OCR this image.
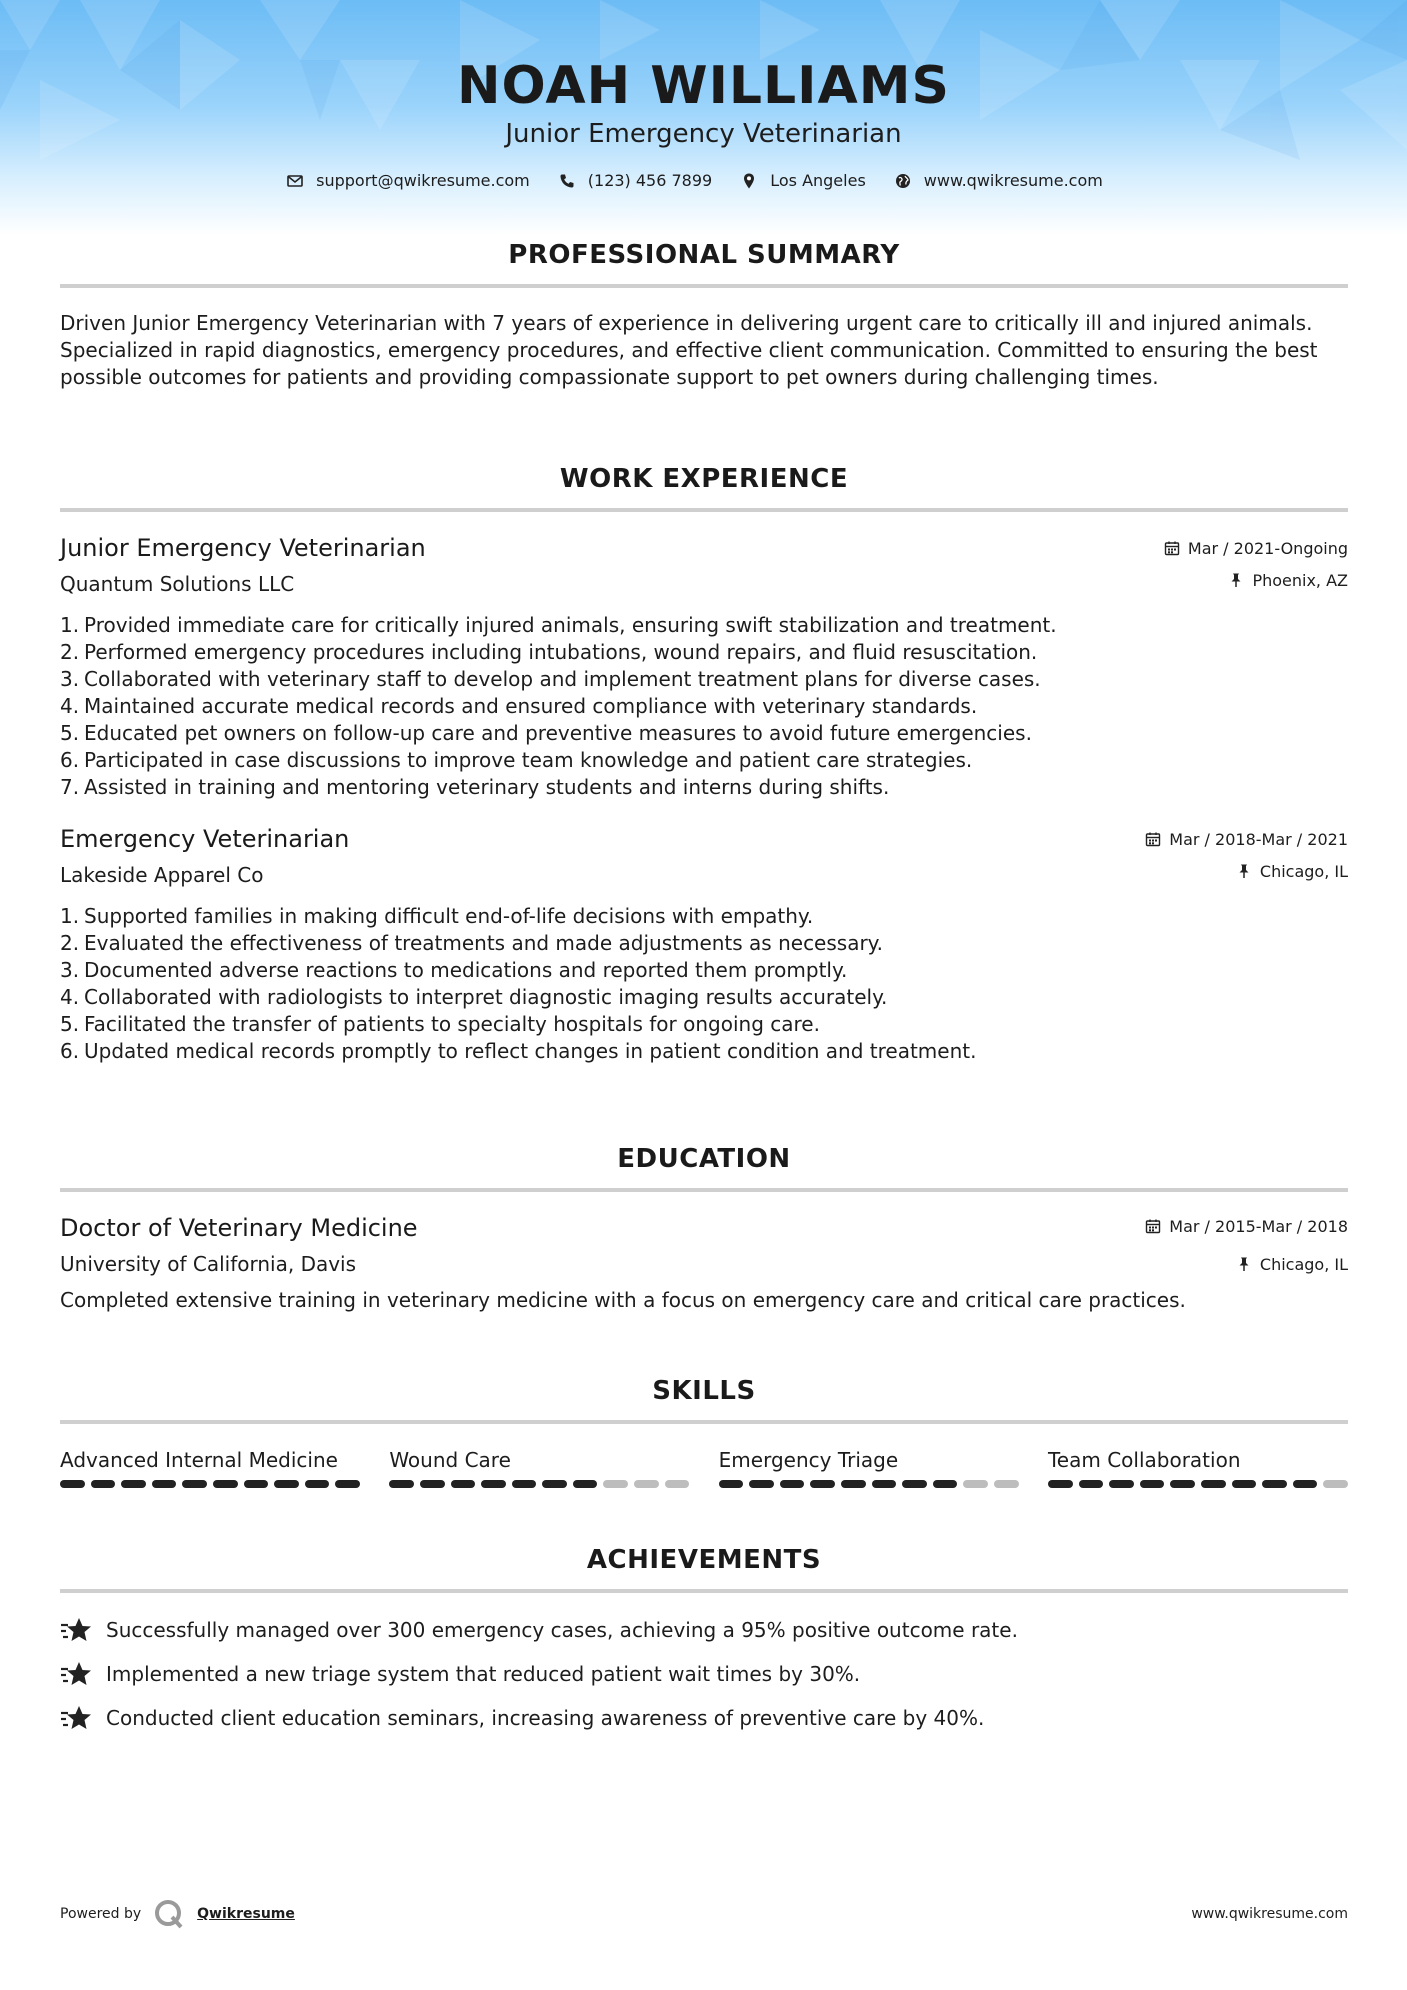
NOAH WILLIAMS
Junior Emergency Veterinarian
support@qwikresume.com	(123) 456 7899	Los Angeles	www.qwikresume.com
PROFESSIONAL SUMMARY
Driven Junior Emergency Veterinarian with 7 years of experience in delivering urgent care to critically ill and injured animals. Specialized in rapid diagnostics, emergency procedures, and effective client communication. Committed to ensuring the best possible outcomes for patients and providing compassionate support to pet owners during challenging times.
WORK EXPERIENCE
Junior Emergency Veterinarian
Quantum Solutions LLC
Mar / 2021-Ongoing
Phoenix, AZ
1. Provided immediate care for critically injured animals, ensuring swift stabilization and treatment.
2. Performed emergency procedures including intubations, wound repairs, and fluid resuscitation.
3. Collaborated with veterinary staff to develop and implement treatment plans for diverse cases.
4. Maintained accurate medical records and ensured compliance with veterinary standards.
5. Educated pet owners on follow-up care and preventive measures to avoid future emergencies.
6. Participated in case discussions to improve team knowledge and patient care strategies.
7. Assisted in training and mentoring veterinary students and interns during shifts.
Emergency Veterinarian
Lakeside Apparel Co
Mar / 2018-Mar / 2021
Chicago, IL
1. Supported families in making difficult end-of-life decisions with empathy.
2. Evaluated the effectiveness of treatments and made adjustments as necessary.
3. Documented adverse reactions to medications and reported them promptly.
4. Collaborated with radiologists to interpret diagnostic imaging results accurately.
5. Facilitated the transfer of patients to specialty hospitals for ongoing care.
6. Updated medical records promptly to reflect changes in patient condition and treatment.
EDUCATION
Doctor of Veterinary Medicine
University of California, Davis
Mar / 2015-Mar / 2018
Chicago, IL
Completed extensive training in veterinary medicine with a focus on emergency care and critical care practices.
SKILLS
Advanced Internal Medicine	Wound Care	Emergency Triage	Team Collaboration
ACHIEVEMENTS
Successfully managed over 300 emergency cases, achieving a 95% positive outcome rate.
Implemented a new triage system that reduced patient wait times by 30%.
Conducted client education seminars, increasing awareness of preventive care by 40%.
Powered by	Qwikresume	www.qwikresume.com
